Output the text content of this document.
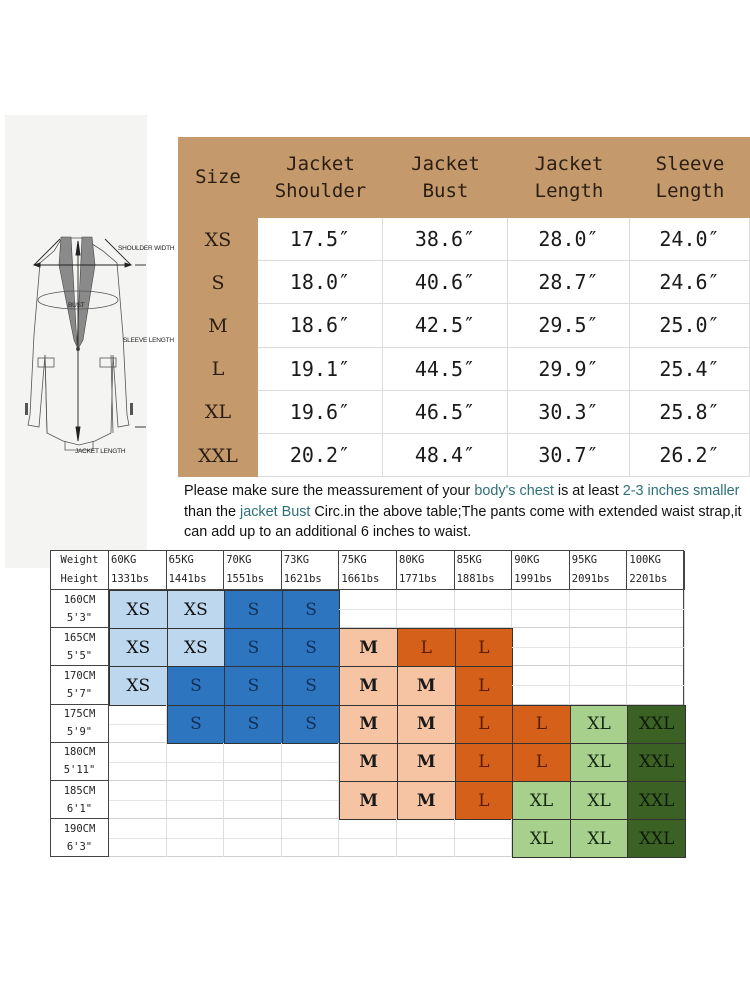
SHOULDER WIDTH
BUST
SLEEVE LENGTH
JACKET LENGTH
Size
Jacket
Shoulder
Jacket
Bust
Jacket
Length
Sleeve
Length
XS	17.5″	38.6″	28.0″	24.0″
S	18.0″	40.6″	28.7″	24.6″
M	18.6″	42.5″	29.5″	25.0″
L	19.1″	44.5″	29.9″	25.4″
XL	19.6″	46.5″	30.3″	25.8″
XXL	20.2″	48.4″	30.7″	26.2″
Please make sure the meassurement of your body's chest is at least 2-3 inches smaller than the jacket Bust Circ.in the above table;The pants come with extended waist strap,it can add up to an additional 6 inches to waist.
Weight
Height
60KG
1331bs
65KG
1441bs
70KG
1551bs
73KG
1621bs
75KG
1661bs
80KG
1771bs
85KG
1881bs
90KG
1991bs
95KG
2091bs
100KG
2201bs
160CM
5'3"	XS	XS	S	S
165CM
5'5"	XS	XS	S	S	M	L	L
170CM
5'7"	XS	S	S	S	M	M	L
175CM
5'9"	S	S	S	M	M	L	L	XL	XXL
180CM
5'11"	M	M	L	L	XL	XXL
185CM
6'1"	M	M	L	XL	XL	XXL
190CM
6'3"	XL	XL	XXL
